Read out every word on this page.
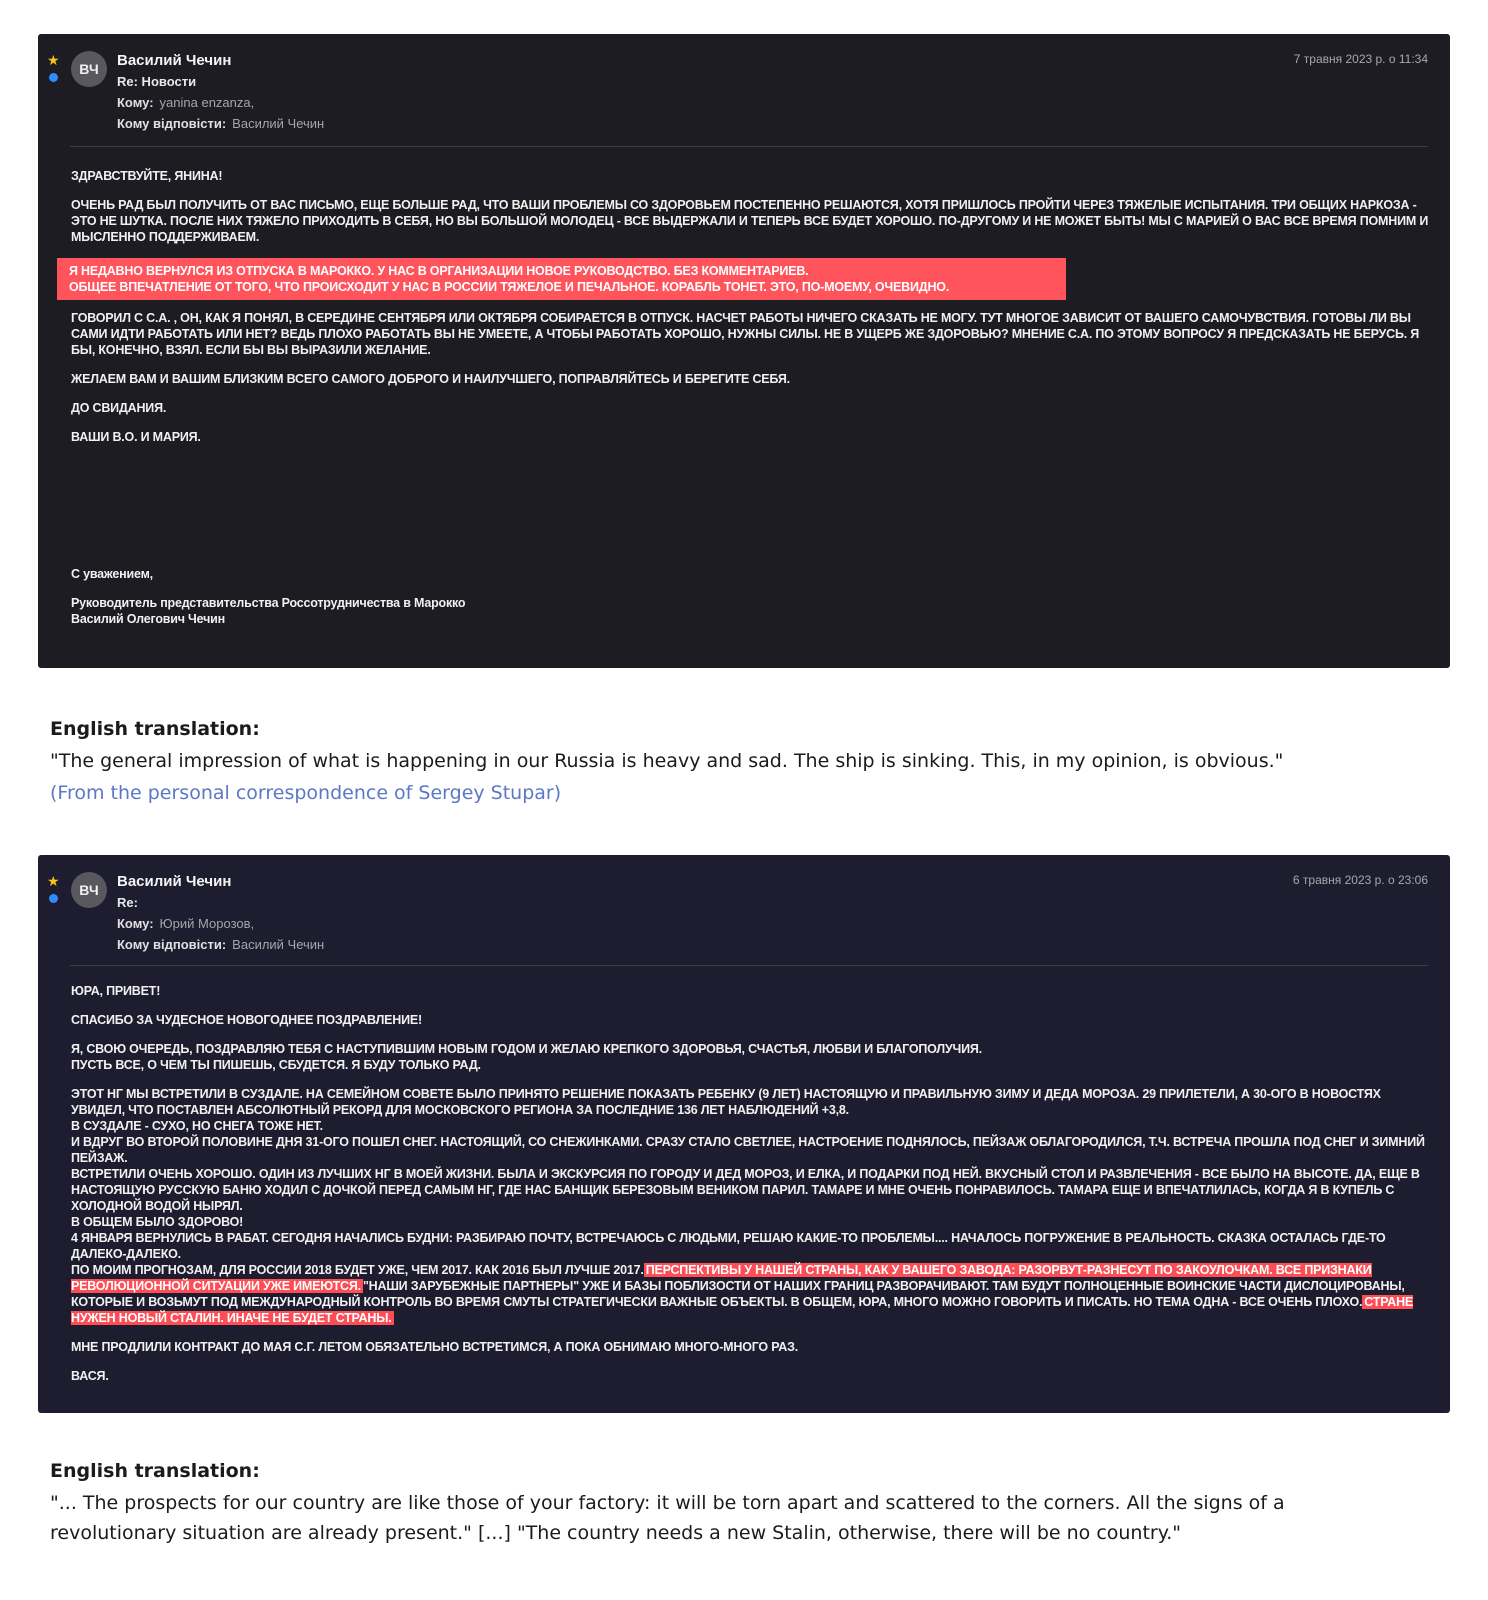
★
ВЧ	Василий Чечин
Re: Новости
Кому: yanina enzanza,
Кому відповісти: Василий Чечин
7 травня 2023 р. о 11:34

ЗДРАВСТВУЙТЕ, ЯНИНА!

ОЧЕНЬ РАД БЫЛ ПОЛУЧИТЬ ОТ ВАС ПИСЬМО, ЕЩЕ БОЛЬШЕ РАД, ЧТО ВАШИ ПРОБЛЕМЫ СО ЗДОРОВЬЕМ ПОСТЕПЕННО РЕШАЮТСЯ, ХОТЯ ПРИШЛОСЬ ПРОЙТИ ЧЕРЕЗ ТЯЖЕЛЫЕ ИСПЫТАНИЯ. ТРИ ОБЩИХ НАРКОЗА - ЭТО НЕ ШУТКА. ПОСЛЕ НИХ ТЯЖЕЛО ПРИХОДИТЬ В СЕБЯ, НО ВЫ БОЛЬШОЙ МОЛОДЕЦ - ВСЕ ВЫДЕРЖАЛИ И ТЕПЕРЬ ВСЕ БУДЕТ ХОРОШО. ПО-ДРУГОМУ И НЕ МОЖЕТ БЫТЬ! МЫ С МАРИЕЙ О ВАС ВСЕ ВРЕМЯ ПОМНИМ И МЫСЛЕННО ПОДДЕРЖИВАЕМ.

Я НЕДАВНО ВЕРНУЛСЯ ИЗ ОТПУСКА В МАРОККО. У НАС В ОРГАНИЗАЦИИ НОВОЕ РУКОВОДСТВО. БЕЗ КОММЕНТАРИЕВ.
ОБЩЕЕ ВПЕЧАТЛЕНИЕ ОТ ТОГО, ЧТО ПРОИСХОДИТ У НАС В РОССИИ ТЯЖЕЛОЕ И ПЕЧАЛЬНОЕ. КОРАБЛЬ ТОНЕТ. ЭТО, ПО-МОЕМУ, ОЧЕВИДНО.

ГОВОРИЛ С С.А. , ОН, КАК Я ПОНЯЛ, В СЕРЕДИНЕ СЕНТЯБРЯ ИЛИ ОКТЯБРЯ СОБИРАЕТСЯ В ОТПУСК. НАСЧЕТ РАБОТЫ НИЧЕГО СКАЗАТЬ НЕ МОГУ. ТУТ МНОГОЕ ЗАВИСИТ ОТ ВАШЕГО САМОЧУВСТВИЯ. ГОТОВЫ ЛИ ВЫ САМИ ИДТИ РАБОТАТЬ ИЛИ НЕТ? ВЕДЬ ПЛОХО РАБОТАТЬ ВЫ НЕ УМЕЕТЕ, А ЧТОБЫ РАБОТАТЬ ХОРОШО, НУЖНЫ СИЛЫ. НЕ В УЩЕРБ ЖЕ ЗДОРОВЬЮ? МНЕНИЕ С.А. ПО ЭТОМУ ВОПРОСУ Я ПРЕДСКАЗАТЬ НЕ БЕРУСЬ. Я БЫ, КОНЕЧНО, ВЗЯЛ. ЕСЛИ БЫ ВЫ ВЫРАЗИЛИ ЖЕЛАНИЕ.

ЖЕЛАЕМ ВАМ И ВАШИМ БЛИЗКИМ ВСЕГО САМОГО ДОБРОГО И НАИЛУЧШЕГО, ПОПРАВЛЯЙТЕСЬ И БЕРЕГИТЕ СЕБЯ.

ДО СВИДАНИЯ.

ВАШИ В.О. И МАРИЯ.

С уважением,

Руководитель представительства Россотрудничества в Марокко
Василий Олегович Чечин

English translation:

"The general impression of what is happening in our Russia is heavy and sad. The ship is sinking. This, in my opinion, is obvious."

(From the personal correspondence of Sergey Stupar)

★
ВЧ	Василий Чечин
Re:
Кому: Юрий Морозов,
Кому відповісти: Василий Чечин
6 травня 2023 р. о 23:06

ЮРА, ПРИВЕТ!

СПАСИБО ЗА ЧУДЕСНОЕ НОВОГОДНЕЕ ПОЗДРАВЛЕНИЕ!

Я, СВОЮ ОЧЕРЕДЬ, ПОЗДРАВЛЯЮ ТЕБЯ С НАСТУПИВШИМ НОВЫМ ГОДОМ И ЖЕЛАЮ КРЕПКОГО ЗДОРОВЬЯ, СЧАСТЬЯ, ЛЮБВИ И БЛАГОПОЛУЧИЯ.
ПУСТЬ ВСЕ, О ЧЕМ ТЫ ПИШЕШЬ, СБУДЕТСЯ. Я БУДУ ТОЛЬКО РАД.

ЭТОТ НГ МЫ ВСТРЕТИЛИ В СУЗДАЛЕ. НА СЕМЕЙНОМ СОВЕТЕ БЫЛО ПРИНЯТО РЕШЕНИЕ ПОКАЗАТЬ РЕБЕНКУ (9 ЛЕТ) НАСТОЯЩУЮ И ПРАВИЛЬНУЮ ЗИМУ И ДЕДА МОРОЗА. 29 ПРИЛЕТЕЛИ, А 30-ОГО В НОВОСТЯХ УВИДЕЛ, ЧТО ПОСТАВЛЕН АБСОЛЮТНЫЙ РЕКОРД ДЛЯ МОСКОВСКОГО РЕГИОНА ЗА ПОСЛЕДНИЕ 136 ЛЕТ НАБЛЮДЕНИЙ +3,8.
В СУЗДАЛЕ - СУХО, НО СНЕГА ТОЖЕ НЕТ.
И ВДРУГ ВО ВТОРОЙ ПОЛОВИНЕ ДНЯ 31-ОГО ПОШЕЛ СНЕГ. НАСТОЯЩИЙ, СО СНЕЖИНКАМИ. СРАЗУ СТАЛО СВЕТЛЕЕ, НАСТРОЕНИЕ ПОДНЯЛОСЬ, ПЕЙЗАЖ ОБЛАГОРОДИЛСЯ, Т.Ч. ВСТРЕЧА ПРОШЛА ПОД СНЕГ И ЗИМНИЙ ПЕЙЗАЖ.
ВСТРЕТИЛИ ОЧЕНЬ ХОРОШО. ОДИН ИЗ ЛУЧШИХ НГ В МОЕЙ ЖИЗНИ. БЫЛА И ЭКСКУРСИЯ ПО ГОРОДУ И ДЕД МОРОЗ, И ЕЛКА, И ПОДАРКИ ПОД НЕЙ. ВКУСНЫЙ СТОЛ И РАЗВЛЕЧЕНИЯ - ВСЕ БЫЛО НА ВЫСОТЕ. ДА, ЕЩЕ В НАСТОЯЩУЮ РУССКУЮ БАНЮ ХОДИЛ С ДОЧКОЙ ПЕРЕД САМЫМ НГ, ГДЕ НАС БАНЩИК БЕРЕЗОВЫМ ВЕНИКОМ ПАРИЛ. ТАМАРЕ И МНЕ ОЧЕНЬ ПОНРАВИЛОСЬ. ТАМАРА ЕЩЕ И ВПЕЧАТЛИЛАСЬ, КОГДА Я В КУПЕЛЬ С ХОЛОДНОЙ ВОДОЙ НЫРЯЛ.
В ОБЩЕМ БЫЛО ЗДОРОВО!
4 ЯНВАРЯ ВЕРНУЛИСЬ В РАБАТ. СЕГОДНЯ НАЧАЛИСЬ БУДНИ: РАЗБИРАЮ ПОЧТУ, ВСТРЕЧАЮСЬ С ЛЮДЬМИ, РЕШАЮ КАКИЕ-ТО ПРОБЛЕМЫ.... НАЧАЛОСЬ ПОГРУЖЕНИЕ В РЕАЛЬНОСТЬ. СКАЗКА ОСТАЛАСЬ ГДЕ-ТО ДАЛЕКО-ДАЛЕКО.
ПО МОИМ ПРОГНОЗАМ, ДЛЯ РОССИИ 2018 БУДЕТ УЖЕ, ЧЕМ 2017. КАК 2016 БЫЛ ЛУЧШЕ 2017. ПЕРСПЕКТИВЫ У НАШЕЙ СТРАНЫ, КАК У ВАШЕГО ЗАВОДА: РАЗОРВУТ-РАЗНЕСУТ ПО ЗАКОУЛОЧКАМ. ВСЕ ПРИЗНАКИ РЕВОЛЮЦИОННОЙ СИТУАЦИИ УЖЕ ИМЕЮТСЯ. "НАШИ ЗАРУБЕЖНЫЕ ПАРТНЕРЫ" УЖЕ И БАЗЫ ПОБЛИЗОСТИ ОТ НАШИХ ГРАНИЦ РАЗВОРАЧИВАЮТ. ТАМ БУДУТ ПОЛНОЦЕННЫЕ ВОИНСКИЕ ЧАСТИ ДИСЛОЦИРОВАНЫ, КОТОРЫЕ И ВОЗЬМУТ ПОД МЕЖДУНАРОДНЫЙ КОНТРОЛЬ ВО ВРЕМЯ СМУТЫ СТРАТЕГИЧЕСКИ ВАЖНЫЕ ОБЪЕКТЫ. В ОБЩЕМ, ЮРА, МНОГО МОЖНО ГОВОРИТЬ И ПИСАТЬ. НО ТЕМА ОДНА - ВСЕ ОЧЕНЬ ПЛОХО. СТРАНЕ НУЖЕН НОВЫЙ СТАЛИН. ИНАЧЕ НЕ БУДЕТ СТРАНЫ.

МНЕ ПРОДЛИЛИ КОНТРАКТ ДО МАЯ С.Г. ЛЕТОМ ОБЯЗАТЕЛЬНО ВСТРЕТИМСЯ, А ПОКА ОБНИМАЮ МНОГО-МНОГО РАЗ.

ВАСЯ.

English translation:

"... The prospects for our country are like those of your factory: it will be torn apart and scattered to the corners. All the signs of a revolutionary situation are already present." [...] "The country needs a new Stalin, otherwise, there will be no country."
